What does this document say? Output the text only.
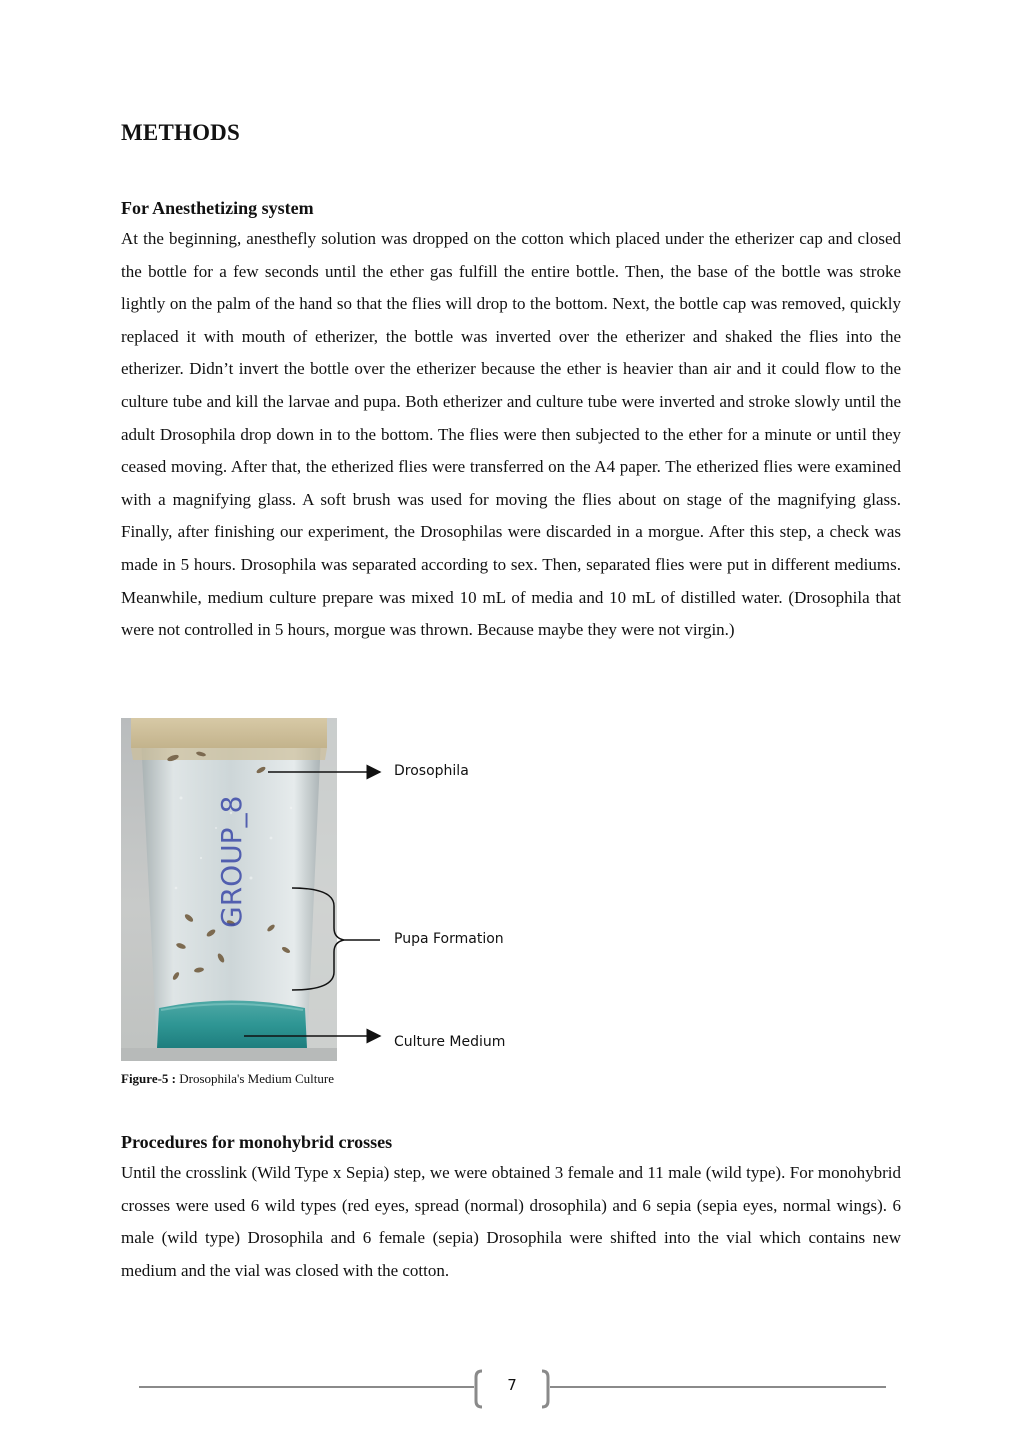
METHODS
For Anesthetizing system

At the beginning, anesthefly solution was dropped on the cotton which placed under the etherizer cap and closed the bottle for a few seconds until the ether gas fulfill the entire bottle. Then, the base of the bottle was stroke lightly on the palm of the hand so that the flies will drop to the bottom. Next, the bottle cap was removed, quickly replaced it with mouth of etherizer, the bottle was inverted over the etherizer and shaked the flies into the etherizer. Didn’t invert the bottle over the etherizer because the ether is heavier than air and it could flow to the culture tube and kill the larvae and pupa. Both etherizer and culture tube were inverted and stroke slowly until the adult Drosophila drop down in to the bottom. The flies were then subjected to the ether for a minute or until they ceased moving. After that, the etherized flies were transferred on the A4 paper. The etherized flies were examined with a magnifying glass. A soft brush was used for moving the flies about on stage of the magnifying glass. Finally, after finishing our experiment, the Drosophilas were discarded in a morgue. After this step, a check was made in 5 hours. Drosophila was separated according to sex. Then, separated flies were put in different mediums. Meanwhile, medium culture prepare was mixed 10 mL of media and 10 mL of distilled water. (Drosophila that were not controlled in 5 hours, morgue was thrown. Because maybe they were not virgin.)

GROUP_8
Drosophila
Pupa Formation
Culture Medium

Figure-5 : Drosophila's Medium Culture

Procedures for monohybrid crosses

Until the crosslink (Wild Type x Sepia) step, we were obtained 3 female and 11 male (wild type). For monohybrid crosses were used 6 wild types (red eyes, spread (normal) drosophila) and 6 sepia (sepia eyes, normal wings). 6 male (wild type) Drosophila and 6 female (sepia) Drosophila were shifted into the vial which contains new medium and the vial was closed with the cotton.

7
